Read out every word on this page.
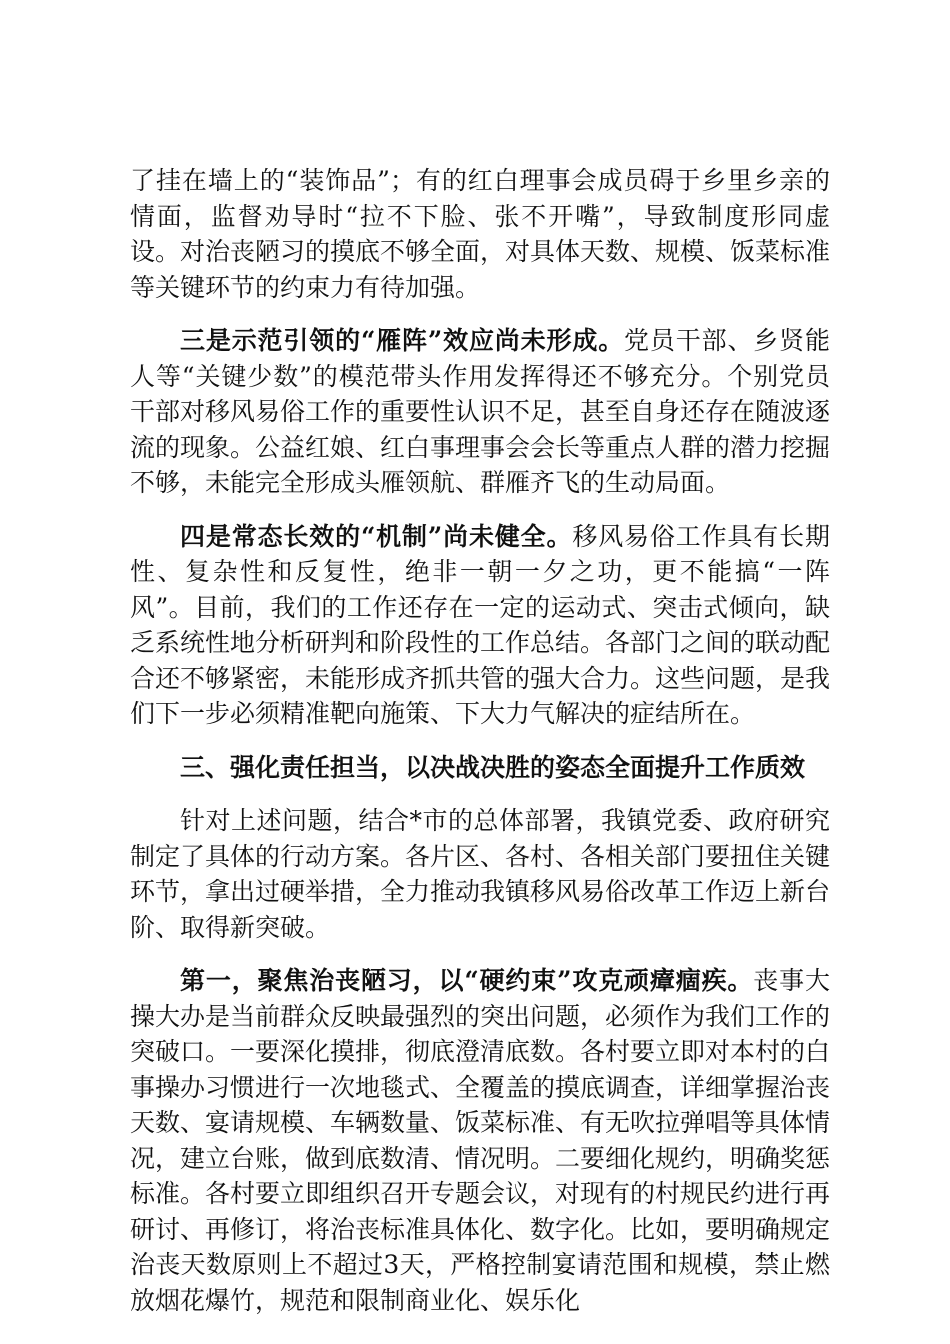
了挂在墙上的“装饰品”；有的红白理事会成员碍于乡里乡亲的情面，监督劝导时“拉不下脸、张不开嘴”，导致制度形同虚设。对治丧陋习的摸底不够全面，对具体天数、规模、饭菜标准等关键环节的约束力有待加强。

三是示范引领的“雁阵”效应尚未形成。党员干部、乡贤能人等“关键少数”的模范带头作用发挥得还不够充分。个别党员干部对移风易俗工作的重要性认识不足，甚至自身还存在随波逐流的现象。公益红娘、红白事理事会会长等重点人群的潜力挖掘不够，未能完全形成头雁领航、群雁齐飞的生动局面。

四是常态长效的“机制”尚未健全。移风易俗工作具有长期性、复杂性和反复性，绝非一朝一夕之功，更不能搞“一阵风”。目前，我们的工作还存在一定的运动式、突击式倾向，缺乏系统性地分析研判和阶段性的工作总结。各部门之间的联动配合还不够紧密，未能形成齐抓共管的强大合力。这些问题，是我们下一步必须精准靶向施策、下大力气解决的症结所在。

三、强化责任担当，以决战决胜的姿态全面提升工作质效

针对上述问题，结合*市的总体部署，我镇党委、政府研究制定了具体的行动方案。各片区、各村、各相关部门要扭住关键环节，拿出过硬举措，全力推动我镇移风易俗改革工作迈上新台阶、取得新突破。

第一，聚焦治丧陋习，以“硬约束”攻克顽瘴痼疾。丧事大操大办是当前群众反映最强烈的突出问题，必须作为我们工作的突破口。一要深化摸排，彻底澄清底数。各村要立即对本村的白事操办习惯进行一次地毯式、全覆盖的摸底调查，详细掌握治丧天数、宴请规模、车辆数量、饭菜标准、有无吹拉弹唱等具体情况，建立台账，做到底数清、情况明。二要细化规约，明确奖惩标准。各村要立即组织召开专题会议，对现有的村规民约进行再研讨、再修订，将治丧标准具体化、数字化。比如，要明确规定治丧天数原则上不超过3天，严格控制宴请范围和规模，禁止燃放烟花爆竹，规范和限制商业化、娱乐化
